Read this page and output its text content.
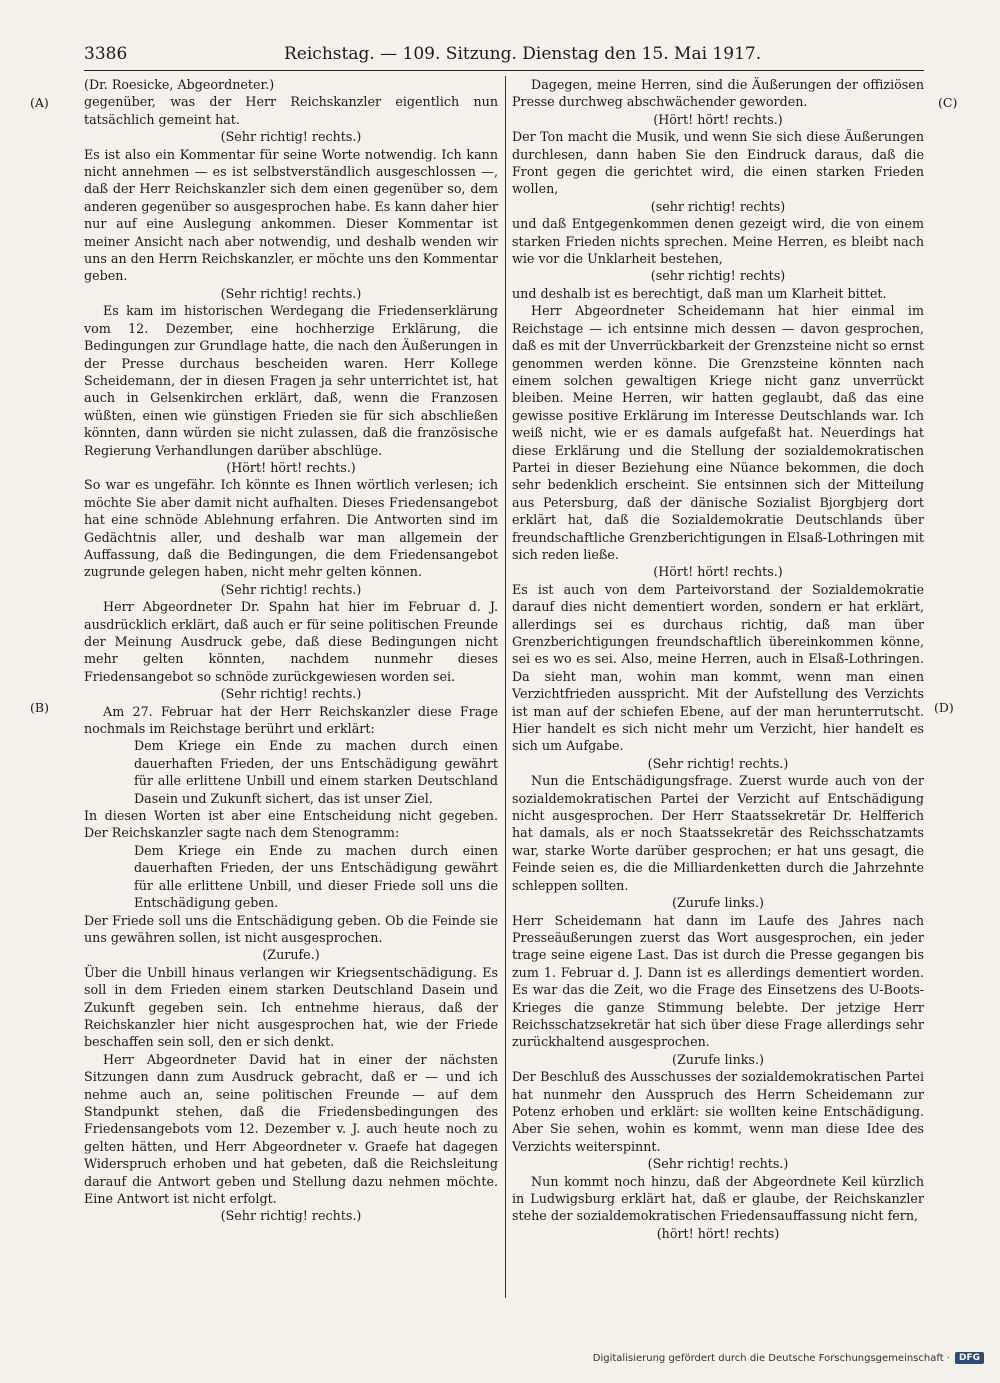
3386	Reichstag. — 109. Sitzung. Dienstag den 15. Mai 1917.

(Dr. Roesicke, Abgeordneter.)

gegenüber, was der Herr Reichskanzler eigentlich nun tatsächlich gemeint hat.

(Sehr richtig! rechts.)

Es ist also ein Kommentar für seine Worte notwendig. Ich kann nicht annehmen — es ist selbstverständlich ausgeschlossen —, daß der Herr Reichskanzler sich dem einen gegenüber so, dem anderen gegenüber so ausgesprochen habe. Es kann daher hier nur auf eine Auslegung ankommen. Dieser Kommentar ist meiner Ansicht nach aber notwendig, und deshalb wenden wir uns an den Herrn Reichskanzler, er möchte uns den Kommentar geben.

(Sehr richtig! rechts.)

Es kam im historischen Werdegang die Friedenserklärung vom 12. Dezember, eine hochherzige Erklärung, die Bedingungen zur Grundlage hatte, die nach den Äußerungen in der Presse durchaus bescheiden waren. Herr Kollege Scheidemann, der in diesen Fragen ja sehr unterrichtet ist, hat auch in Gelsenkirchen erklärt, daß, wenn die Franzosen wüßten, einen wie günstigen Frieden sie für sich abschließen könnten, dann würden sie nicht zulassen, daß die französische Regierung Verhandlungen darüber abschlüge.

(Hört! hört! rechts.)

So war es ungefähr. Ich könnte es Ihnen wörtlich verlesen; ich möchte Sie aber damit nicht aufhalten. Dieses Friedensangebot hat eine schnöde Ablehnung erfahren. Die Antworten sind im Gedächtnis aller, und deshalb war man allgemein der Auffassung, daß die Bedingungen, die dem Friedensangebot zugrunde gelegen haben, nicht mehr gelten können.

(Sehr richtig! rechts.)

Herr Abgeordneter Dr. Spahn hat hier im Februar d. J. ausdrücklich erklärt, daß auch er für seine politischen Freunde der Meinung Ausdruck gebe, daß diese Bedingungen nicht mehr gelten könnten, nachdem nunmehr dieses Friedensangebot so schnöde zurückgewiesen worden sei.

(Sehr richtig! rechts.)

Am 27. Februar hat der Herr Reichskanzler diese Frage nochmals im Reichstage berührt und erklärt:

Dem Kriege ein Ende zu machen durch einen dauerhaften Frieden, der uns Entschädigung gewährt für alle erlittene Unbill und einem starken Deutschland Dasein und Zukunft sichert, das ist unser Ziel.

In diesen Worten ist aber eine Entscheidung nicht gegeben. Der Reichskanzler sagte nach dem Stenogramm:

Dem Kriege ein Ende zu machen durch einen dauerhaften Frieden, der uns Entschädigung gewährt für alle erlittene Unbill, und dieser Friede soll uns die Entschädigung geben.

Der Friede soll uns die Entschädigung geben. Ob die Feinde sie uns gewähren sollen, ist nicht ausgesprochen.

(Zurufe.)

Über die Unbill hinaus verlangen wir Kriegsentschädigung. Es soll in dem Frieden einem starken Deutschland Dasein und Zukunft gegeben sein. Ich entnehme hieraus, daß der Reichskanzler hier nicht ausgesprochen hat, wie der Friede beschaffen sein soll, den er sich denkt.

Herr Abgeordneter David hat in einer der nächsten Sitzungen dann zum Ausdruck gebracht, daß er — und ich nehme auch an, seine politischen Freunde — auf dem Standpunkt stehen, daß die Friedensbedingungen des Friedensangebots vom 12. Dezember v. J. auch heute noch zu gelten hätten, und Herr Abgeordneter v. Graefe hat dagegen Widerspruch erhoben und hat gebeten, daß die Reichsleitung darauf die Antwort geben und Stellung dazu nehmen möchte. Eine Antwort ist nicht erfolgt.

(Sehr richtig! rechts.)

Dagegen, meine Herren, sind die Äußerungen der offiziösen Presse durchweg abschwächender geworden.

(Hört! hört! rechts.)

Der Ton macht die Musik, und wenn Sie sich diese Äußerungen durchlesen, dann haben Sie den Eindruck daraus, daß die Front gegen die gerichtet wird, die einen starken Frieden wollen,

(sehr richtig! rechts)

und daß Entgegenkommen denen gezeigt wird, die von einem starken Frieden nichts sprechen. Meine Herren, es bleibt nach wie vor die Unklarheit bestehen,

(sehr richtig! rechts)

und deshalb ist es berechtigt, daß man um Klarheit bittet.

Herr Abgeordneter Scheidemann hat hier einmal im Reichstage — ich entsinne mich dessen — davon gesprochen, daß es mit der Unverrückbarkeit der Grenzsteine nicht so ernst genommen werden könne. Die Grenzsteine könnten nach einem solchen gewaltigen Kriege nicht ganz unverrückt bleiben. Meine Herren, wir hatten geglaubt, daß das eine gewisse positive Erklärung im Interesse Deutschlands war. Ich weiß nicht, wie er es damals aufgefaßt hat. Neuerdings hat diese Erklärung und die Stellung der sozialdemokratischen Partei in dieser Beziehung eine Nüance bekommen, die doch sehr bedenklich erscheint. Sie entsinnen sich der Mitteilung aus Petersburg, daß der dänische Sozialist Bjorgbjerg dort erklärt hat, daß die Sozialdemokratie Deutschlands über freundschaftliche Grenzberichtigungen in Elsaß-Lothringen mit sich reden ließe.

(Hört! hört! rechts.)

Es ist auch von dem Parteivorstand der Sozialdemokratie darauf dies nicht dementiert worden, sondern er hat erklärt, allerdings sei es durchaus richtig, daß man über Grenzberichtigungen freundschaftlich übereinkommen könne, sei es wo es sei. Also, meine Herren, auch in Elsaß-Lothringen. Da sieht man, wohin man kommt, wenn man einen Verzichtfrieden ausspricht. Mit der Aufstellung des Verzichts ist man auf der schiefen Ebene, auf der man herunterrutscht. Hier handelt es sich nicht mehr um Verzicht, hier handelt es sich um Aufgabe.

(Sehr richtig! rechts.)

Nun die Entschädigungsfrage. Zuerst wurde auch von der sozialdemokratischen Partei der Verzicht auf Entschädigung nicht ausgesprochen. Der Herr Staatssekretär Dr. Helfferich hat damals, als er noch Staatssekretär des Reichsschatzamts war, starke Worte darüber gesprochen; er hat uns gesagt, die Feinde seien es, die die Milliardenketten durch die Jahrzehnte schleppen sollten.

(Zurufe links.)

Herr Scheidemann hat dann im Laufe des Jahres nach Presseäußerungen zuerst das Wort ausgesprochen, ein jeder trage seine eigene Last. Das ist durch die Presse gegangen bis zum 1. Februar d. J. Dann ist es allerdings dementiert worden. Es war das die Zeit, wo die Frage des Einsetzens des U-Boots-Krieges die ganze Stimmung belebte. Der jetzige Herr Reichsschatzsekretär hat sich über diese Frage allerdings sehr zurückhaltend ausgesprochen.

(Zurufe links.)

Der Beschluß des Ausschusses der sozialdemokratischen Partei hat nunmehr den Ausspruch des Herrn Scheidemann zur Potenz erhoben und erklärt: sie wollten keine Entschädigung. Aber Sie sehen, wohin es kommt, wenn man diese Idee des Verzichts weiterspinnt.

(Sehr richtig! rechts.)

Nun kommt noch hinzu, daß der Abgeordnete Keil kürzlich in Ludwigsburg erklärt hat, daß er glaube, der Reichskanzler stehe der sozialdemokratischen Friedensauffassung nicht fern,

(hört! hört! rechts)

(A)
(B)
(C)
(D)
Digitalisierung gefördert durch die Deutsche Forschungsgemeinschaft ·	DFG
